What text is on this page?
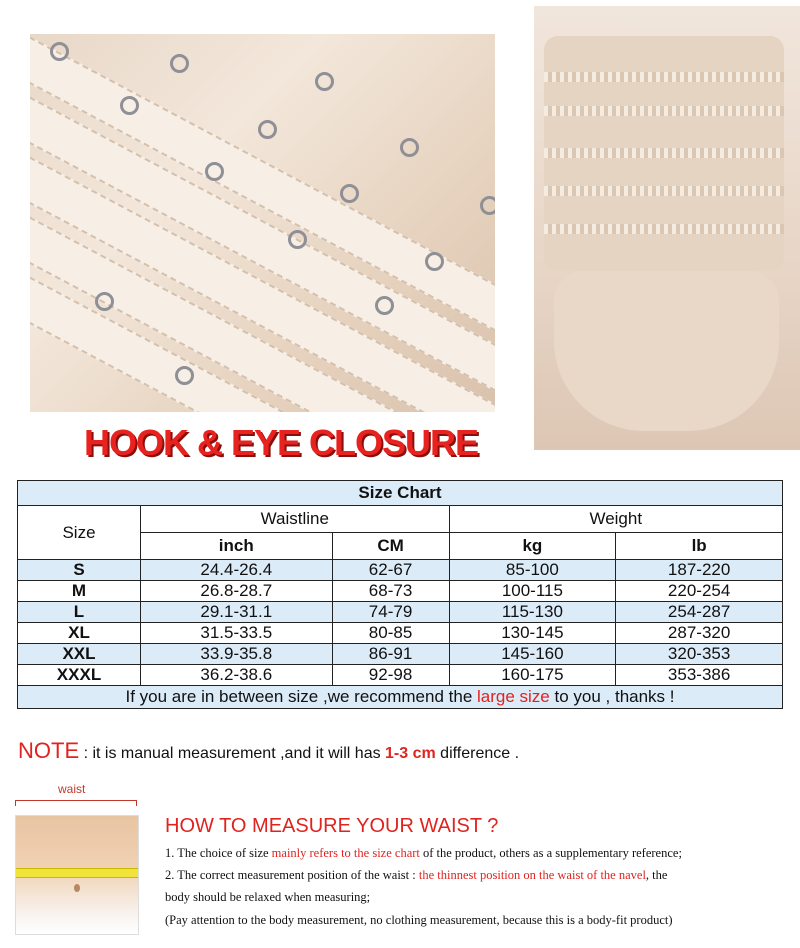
HOOK & EYE CLOSURE
Size Chart				
Size	Waistline		Weight	
	inch	CM	kg	lb
S	24.4-26.4	62-67	85-100	187-220
M	26.8-28.7	68-73	100-115	220-254
L	29.1-31.1	74-79	115-130	254-287
XL	31.5-33.5	80-85	130-145	287-320
XXL	33.9-35.8	86-91	145-160	320-353
XXXL	36.2-38.6	92-98	160-175	353-386
If you are in between size ,we recommend the large size to you , thanks !				
NOTE : it is manual measurement ,and it will has 1-3 cm difference .
waist
HOW TO MEASURE YOUR WAIST ?
1. The choice of size mainly refers to the size chart of the product, others as a supplementary reference;
2. The correct measurement position of the waist : the thinnest position on the waist of the navel, the
body should be relaxed when measuring;
(Pay attention to the body measurement, no clothing measurement, because this is a body-fit product)
